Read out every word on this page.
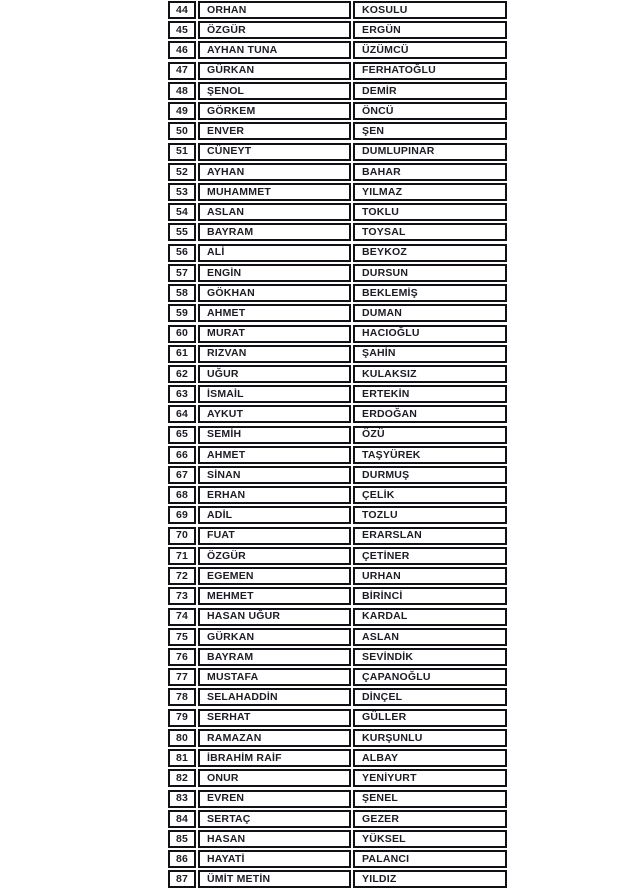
44	ORHAN	KOSULU
45	ÖZGÜR	ERGÜN
46	AYHAN TUNA	ÜZÜMCÜ
47	GÜRKAN	FERHATOĞLU
48	ŞENOL	DEMİR
49	GÖRKEM	ÖNCÜ
50	ENVER	ŞEN
51	CÜNEYT	DUMLUPINAR
52	AYHAN	BAHAR
53	MUHAMMET	YILMAZ
54	ASLAN	TOKLU
55	BAYRAM	TOYSAL
56	ALİ	BEYKOZ
57	ENGİN	DURSUN
58	GÖKHAN	BEKLEMİŞ
59	AHMET	DUMAN
60	MURAT	HACIOĞLU
61	RIZVAN	ŞAHİN
62	UĞUR	KULAKSIZ
63	İSMAİL	ERTEKİN
64	AYKUT	ERDOĞAN
65	SEMİH	ÖZÜ
66	AHMET	TAŞYÜREK
67	SİNAN	DURMUŞ
68	ERHAN	ÇELİK
69	ADİL	TOZLU
70	FUAT	ERARSLAN
71	ÖZGÜR	ÇETİNER
72	EGEMEN	URHAN
73	MEHMET	BİRİNCİ
74	HASAN UĞUR	KARDAL
75	GÜRKAN	ASLAN
76	BAYRAM	SEVİNDİK
77	MUSTAFA	ÇAPANOĞLU
78	SELAHADDİN	DİNÇEL
79	SERHAT	GÜLLER
80	RAMAZAN	KURŞUNLU
81	İBRAHİM RAİF	ALBAY
82	ONUR	YENİYURT
83	EVREN	ŞENEL
84	SERTAÇ	GEZER
85	HASAN	YÜKSEL
86	HAYATİ	PALANCI
87	ÜMİT METİN	YILDIZ
